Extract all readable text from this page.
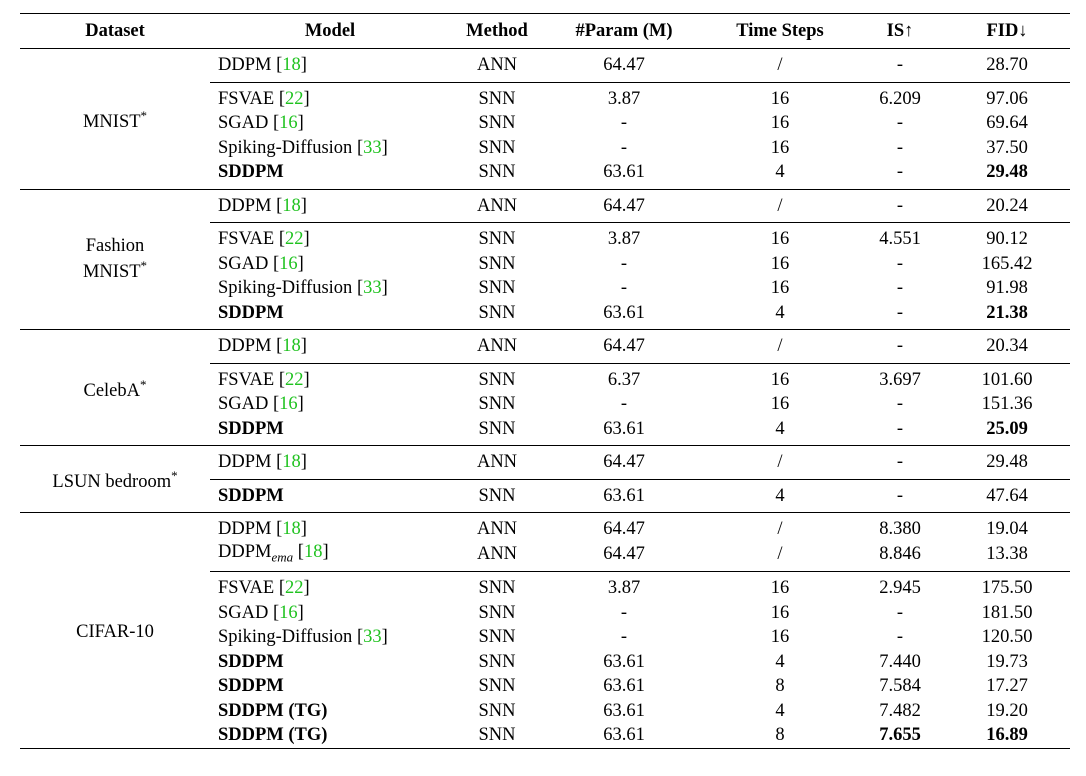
Dataset	Model	Method	#Param (M)	Time Steps	IS↑	FID↓
MNIST*	DDPM [18]	ANN	64.47	/	-	28.70
	FSVAE [22]	SNN	3.87	16	6.209	97.06
	SGAD [16]	SNN	-	16	-	69.64
	Spiking-Diffusion [33]	SNN	-	16	-	37.50
	SDDPM	SNN	63.61	4	-	29.48
Fashion
MNIST*	DDPM [18]	ANN	64.47	/	-	20.24
	FSVAE [22]	SNN	3.87	16	4.551	90.12
	SGAD [16]	SNN	-	16	-	165.42
	Spiking-Diffusion [33]	SNN	-	16	-	91.98
	SDDPM	SNN	63.61	4	-	21.38
CelebA*	DDPM [18]	ANN	64.47	/	-	20.34
	FSVAE [22]	SNN	6.37	16	3.697	101.60
	SGAD [16]	SNN	-	16	-	151.36
	SDDPM	SNN	63.61	4	-	25.09
LSUN bedroom*	DDPM [18]	ANN	64.47	/	-	29.48
	SDDPM	SNN	63.61	4	-	47.64
CIFAR-10	DDPM [18]	ANN	64.47	/	8.380	19.04
	$DDPM_{ema}$ [18]	ANN	64.47	/	8.846	13.38
	FSVAE [22]	SNN	3.87	16	2.945	175.50
	SGAD [16]	SNN	-	16	-	181.50
	Spiking-Diffusion [33]	SNN	-	16	-	120.50
	SDDPM	SNN	63.61	4	7.440	19.73
	SDDPM	SNN	63.61	8	7.584	17.27
	SDDPM (TG)	SNN	63.61	4	7.482	19.20
	SDDPM (TG)	SNN	63.61	8	7.655	16.89
